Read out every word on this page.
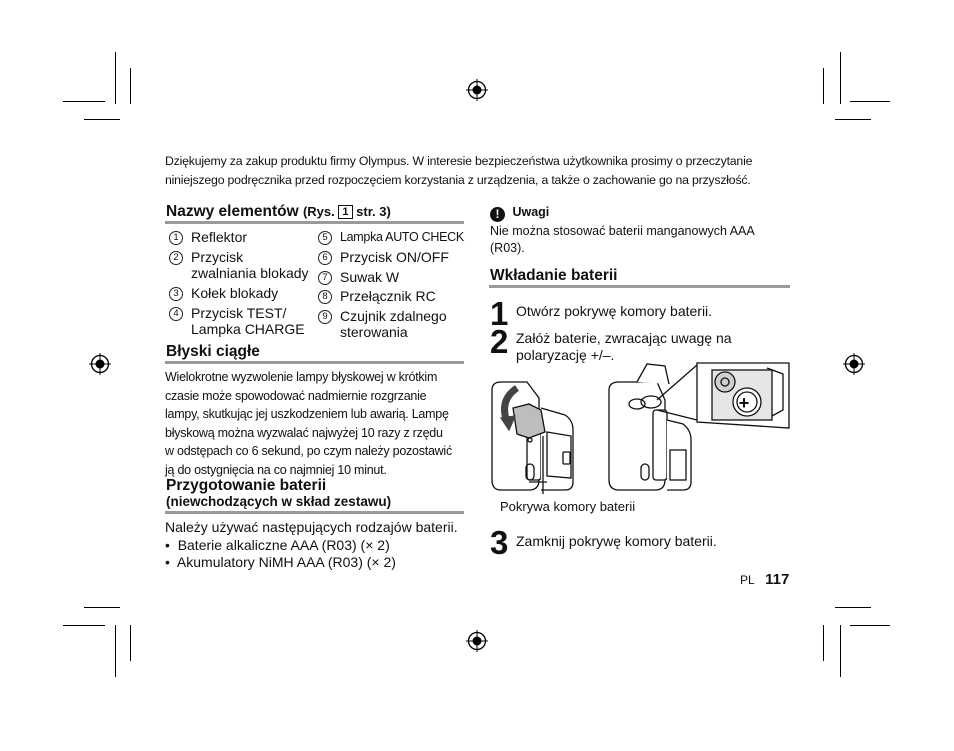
Dziękujemy za zakup produktu firmy Olympus. W interesie bezpieczeństwa użytkownika prosimy o przeczytanie niniejszego podręcznika przed rozpoczęciem korzystania z urządzenia, a także o zachowanie go na przyszłość.
Nazwy elementów (Rys. 1 str. 3)
1 Reflektor
2 Przycisk
zwalniania blokady
3 Kołek blokady
4 Przycisk TEST/
Lampka CHARGE
5 Lampka AUTO CHECK
6 Przycisk ON/OFF
7 Suwak W
8 Przełącznik RC
9 Czujnik zdalnego
sterowania
Błyski ciągłe
Wielokrotne wyzwolenie lampy błyskowej w krótkim
czasie może spowodować nadmiernie rozgrzanie
lampy, skutkując jej uszkodzeniem lub awarią. Lampę
błyskową można wyzwalać najwyżej 10 razy z rzędu
w odstępach co 6 sekund, po czym należy pozostawić
ją do ostygnięcia na co najmniej 10 minut.
Przygotowanie baterii
(niewchodzących w skład zestawu)
Należy używać następujących rodzajów baterii.
•  Baterie alkaliczne AAA (R03) (× 2)
•  Akumulatory NiMH AAA (R03) (× 2)
! Uwagi
Nie można stosować baterii manganowych AAA
(R03).
Wkładanie baterii
1 Otwórz pokrywę komory baterii.
2 Załóż baterie, zwracając uwagę na
polaryzację +/–.
+
Pokrywa komory baterii
3 Zamknij pokrywę komory baterii.
PL 117
